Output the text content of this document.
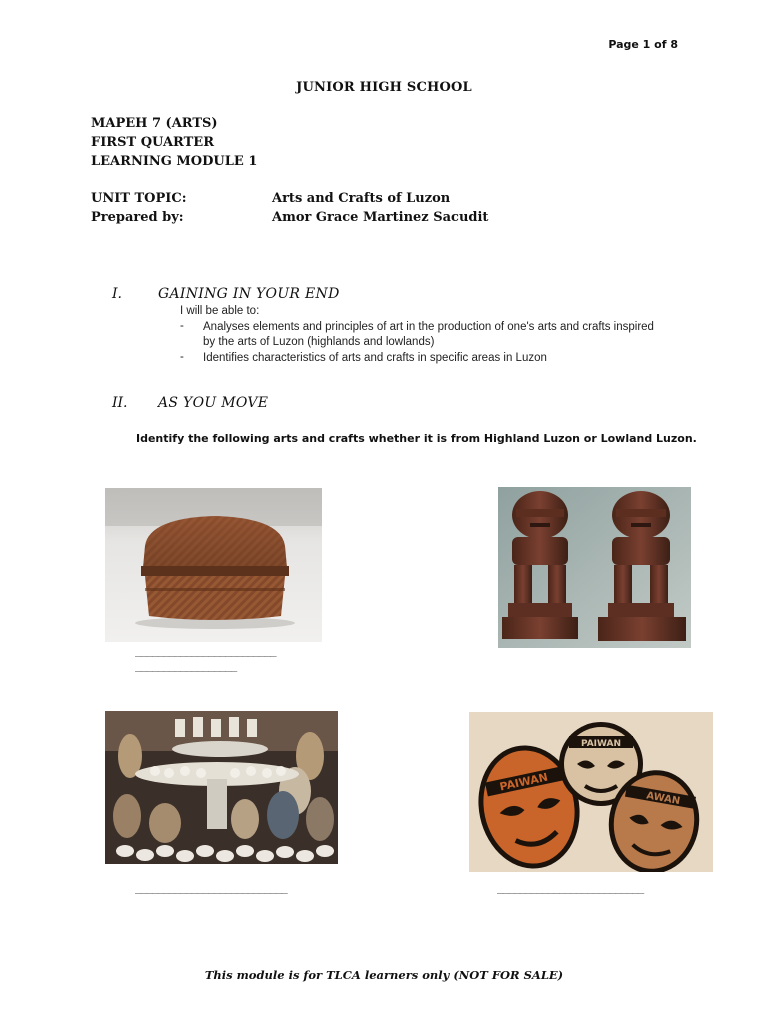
Page 1 of 8
JUNIOR HIGH SCHOOL
MAPEH 7 (ARTS)
FIRST QUARTER
LEARNING MODULE 1
UNIT TOPIC:	Arts and Crafts of Luzon
Prepared by:	Amor Grace Martinez Sacudit
I.	GAINING IN YOUR END
I will be able to:
- Analyses elements and principles of art in the production of one's arts and crafts inspired by the arts of Luzon (highlands and lowlands)
- Identifies characteristics of arts and crafts in specific areas in Luzon
II. AS YOU MOVE
Identify the following arts and crafts whether it is from Highland Luzon or Lowland Luzon.
_________________________
__________________
___________________________
PAIWAN
PAIWAN
AWAN
__________________________
This module is for TLCA learners only (NOT FOR SALE)
